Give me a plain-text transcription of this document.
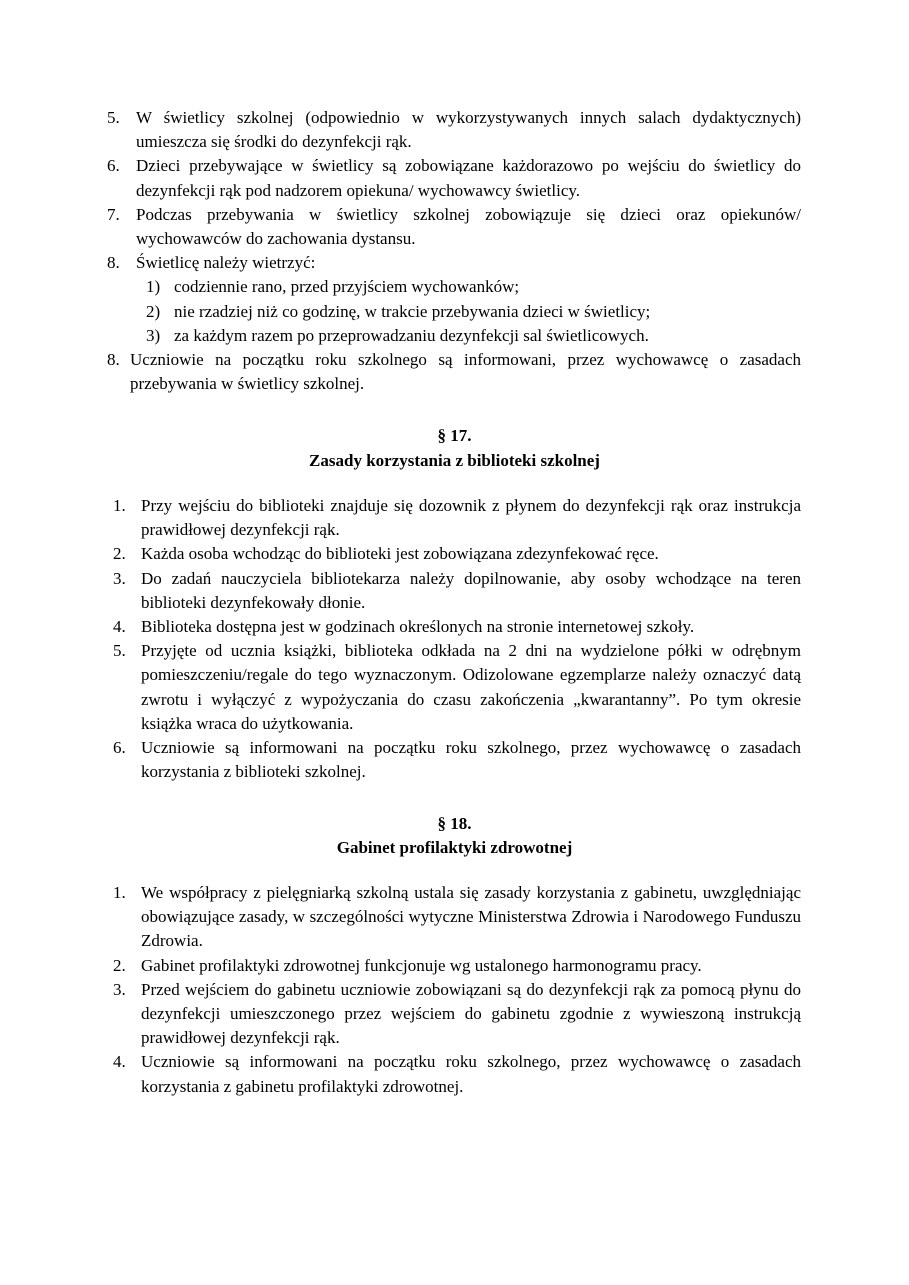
5. W świetlicy szkolnej (odpowiednio w wykorzystywanych innych salach dydaktycznych) umieszcza się środki do dezynfekcji rąk.
6. Dzieci przebywające w świetlicy są zobowiązane każdorazowo po wejściu do świetlicy do dezynfekcji rąk pod nadzorem opiekuna/ wychowawcy świetlicy.
7. Podczas przebywania w świetlicy szkolnej zobowiązuje się dzieci oraz opiekunów/ wychowawców do zachowania dystansu.
8. Świetlicę należy wietrzyć:
1) codziennie rano, przed przyjściem wychowanków;
2) nie rzadziej niż co godzinę, w trakcie przebywania dzieci w świetlicy;
3) za każdym razem po przeprowadzaniu dezynfekcji sal świetlicowych.
8. Uczniowie na początku roku szkolnego są informowani, przez wychowawcę o zasadach przebywania w świetlicy szkolnej.
§ 17.
Zasady korzystania z biblioteki szkolnej
1. Przy wejściu do biblioteki znajduje się dozownik z płynem do dezynfekcji rąk oraz instrukcja prawidłowej dezynfekcji rąk.
2. Każda osoba wchodząc do biblioteki jest zobowiązana zdezynfekować ręce.
3. Do zadań nauczyciela bibliotekarza należy dopilnowanie, aby osoby wchodzące na teren biblioteki dezynfekowały dłonie.
4. Biblioteka dostępna jest w godzinach określonych na stronie internetowej szkoły.
5. Przyjęte od ucznia książki, biblioteka odkłada na 2 dni na wydzielone półki w odrębnym pomieszczeniu/regale do tego wyznaczonym. Odizolowane egzemplarze należy oznaczyć datą zwrotu i wyłączyć z wypożyczania do czasu zakończenia „kwarantanny”. Po tym okresie książka wraca do użytkowania.
6. Uczniowie są informowani na początku roku szkolnego, przez wychowawcę o zasadach korzystania z biblioteki szkolnej.
§ 18.
Gabinet profilaktyki zdrowotnej
1. We współpracy z pielęgniarką szkolną ustala się zasady korzystania z gabinetu, uwzględniając obowiązujące zasady, w szczególności wytyczne Ministerstwa Zdrowia i Narodowego Funduszu Zdrowia.
2. Gabinet profilaktyki zdrowotnej funkcjonuje wg ustalonego harmonogramu pracy.
3. Przed wejściem do gabinetu uczniowie zobowiązani są do dezynfekcji rąk za pomocą płynu do dezynfekcji umieszczonego przez wejściem do gabinetu zgodnie z wywieszoną instrukcją prawidłowej dezynfekcji rąk.
4. Uczniowie są informowani na początku roku szkolnego, przez wychowawcę o zasadach korzystania z gabinetu profilaktyki zdrowotnej.
